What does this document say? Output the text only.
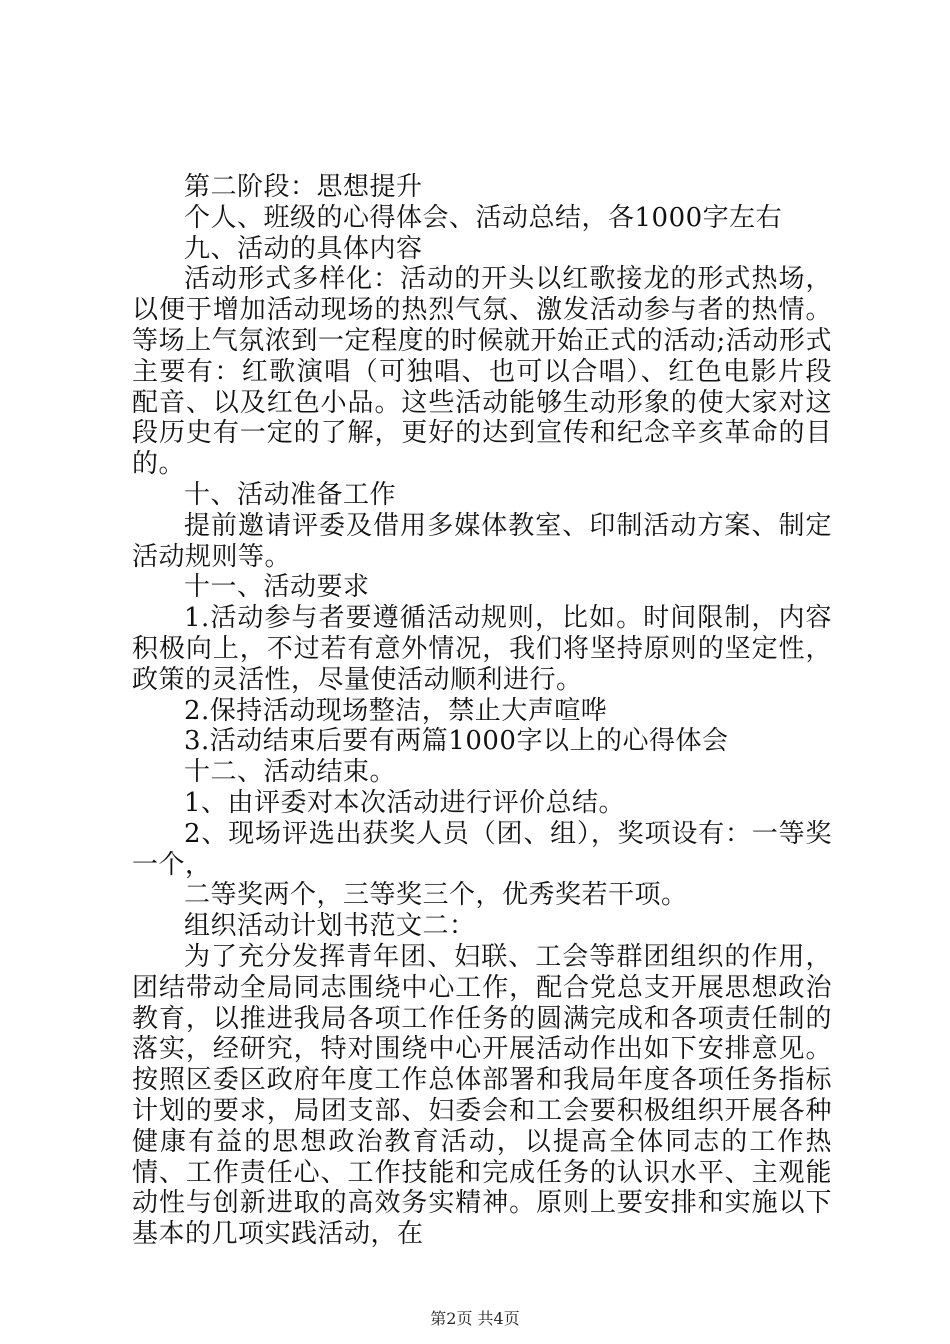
第二阶段：思想提升

个人、班级的心得体会、活动总结，各1000字左右

九、活动的具体内容

活动形式多样化：活动的开头以红歌接龙的形式热场，以便于增加活动现场的热烈气氛、激发活动参与者的热情。等场上气氛浓到一定程度的时候就开始正式的活动;活动形式主要有：红歌演唱（可独唱、也可以合唱）、红色电影片段配音、以及红色小品。这些活动能够生动形象的使大家对这段历史有一定的了解，更好的达到宣传和纪念辛亥革命的目的。

十、活动准备工作

提前邀请评委及借用多媒体教室、印制活动方案、制定活动规则等。

十一、活动要求

1.活动参与者要遵循活动规则，比如。时间限制，内容积极向上，不过若有意外情况，我们将坚持原则的坚定性，政策的灵活性，尽量使活动顺利进行。

2.保持活动现场整洁，禁止大声喧哗

3.活动结束后要有两篇1000字以上的心得体会

十二、活动结束。

1、由评委对本次活动进行评价总结。

2、现场评选出获奖人员（团、组），奖项设有：一等奖一个，

二等奖两个，三等奖三个，优秀奖若干项。

组织活动计划书范文二：

为了充分发挥青年团、妇联、工会等群团组织的作用，团结带动全局同志围绕中心工作，配合党总支开展思想政治教育，以推进我局各项工作任务的圆满完成和各项责任制的落实，经研究，特对围绕中心开展活动作出如下安排意见。按照区委区政府年度工作总体部署和我局年度各项任务指标计划的要求，局团支部、妇委会和工会要积极组织开展各种健康有益的思想政治教育活动，以提高全体同志的工作热情、工作责任心、工作技能和完成任务的认识水平、主观能动性与创新进取的高效务实精神。原则上要安排和实施以下基本的几项实践活动，在

第2页 共4页
